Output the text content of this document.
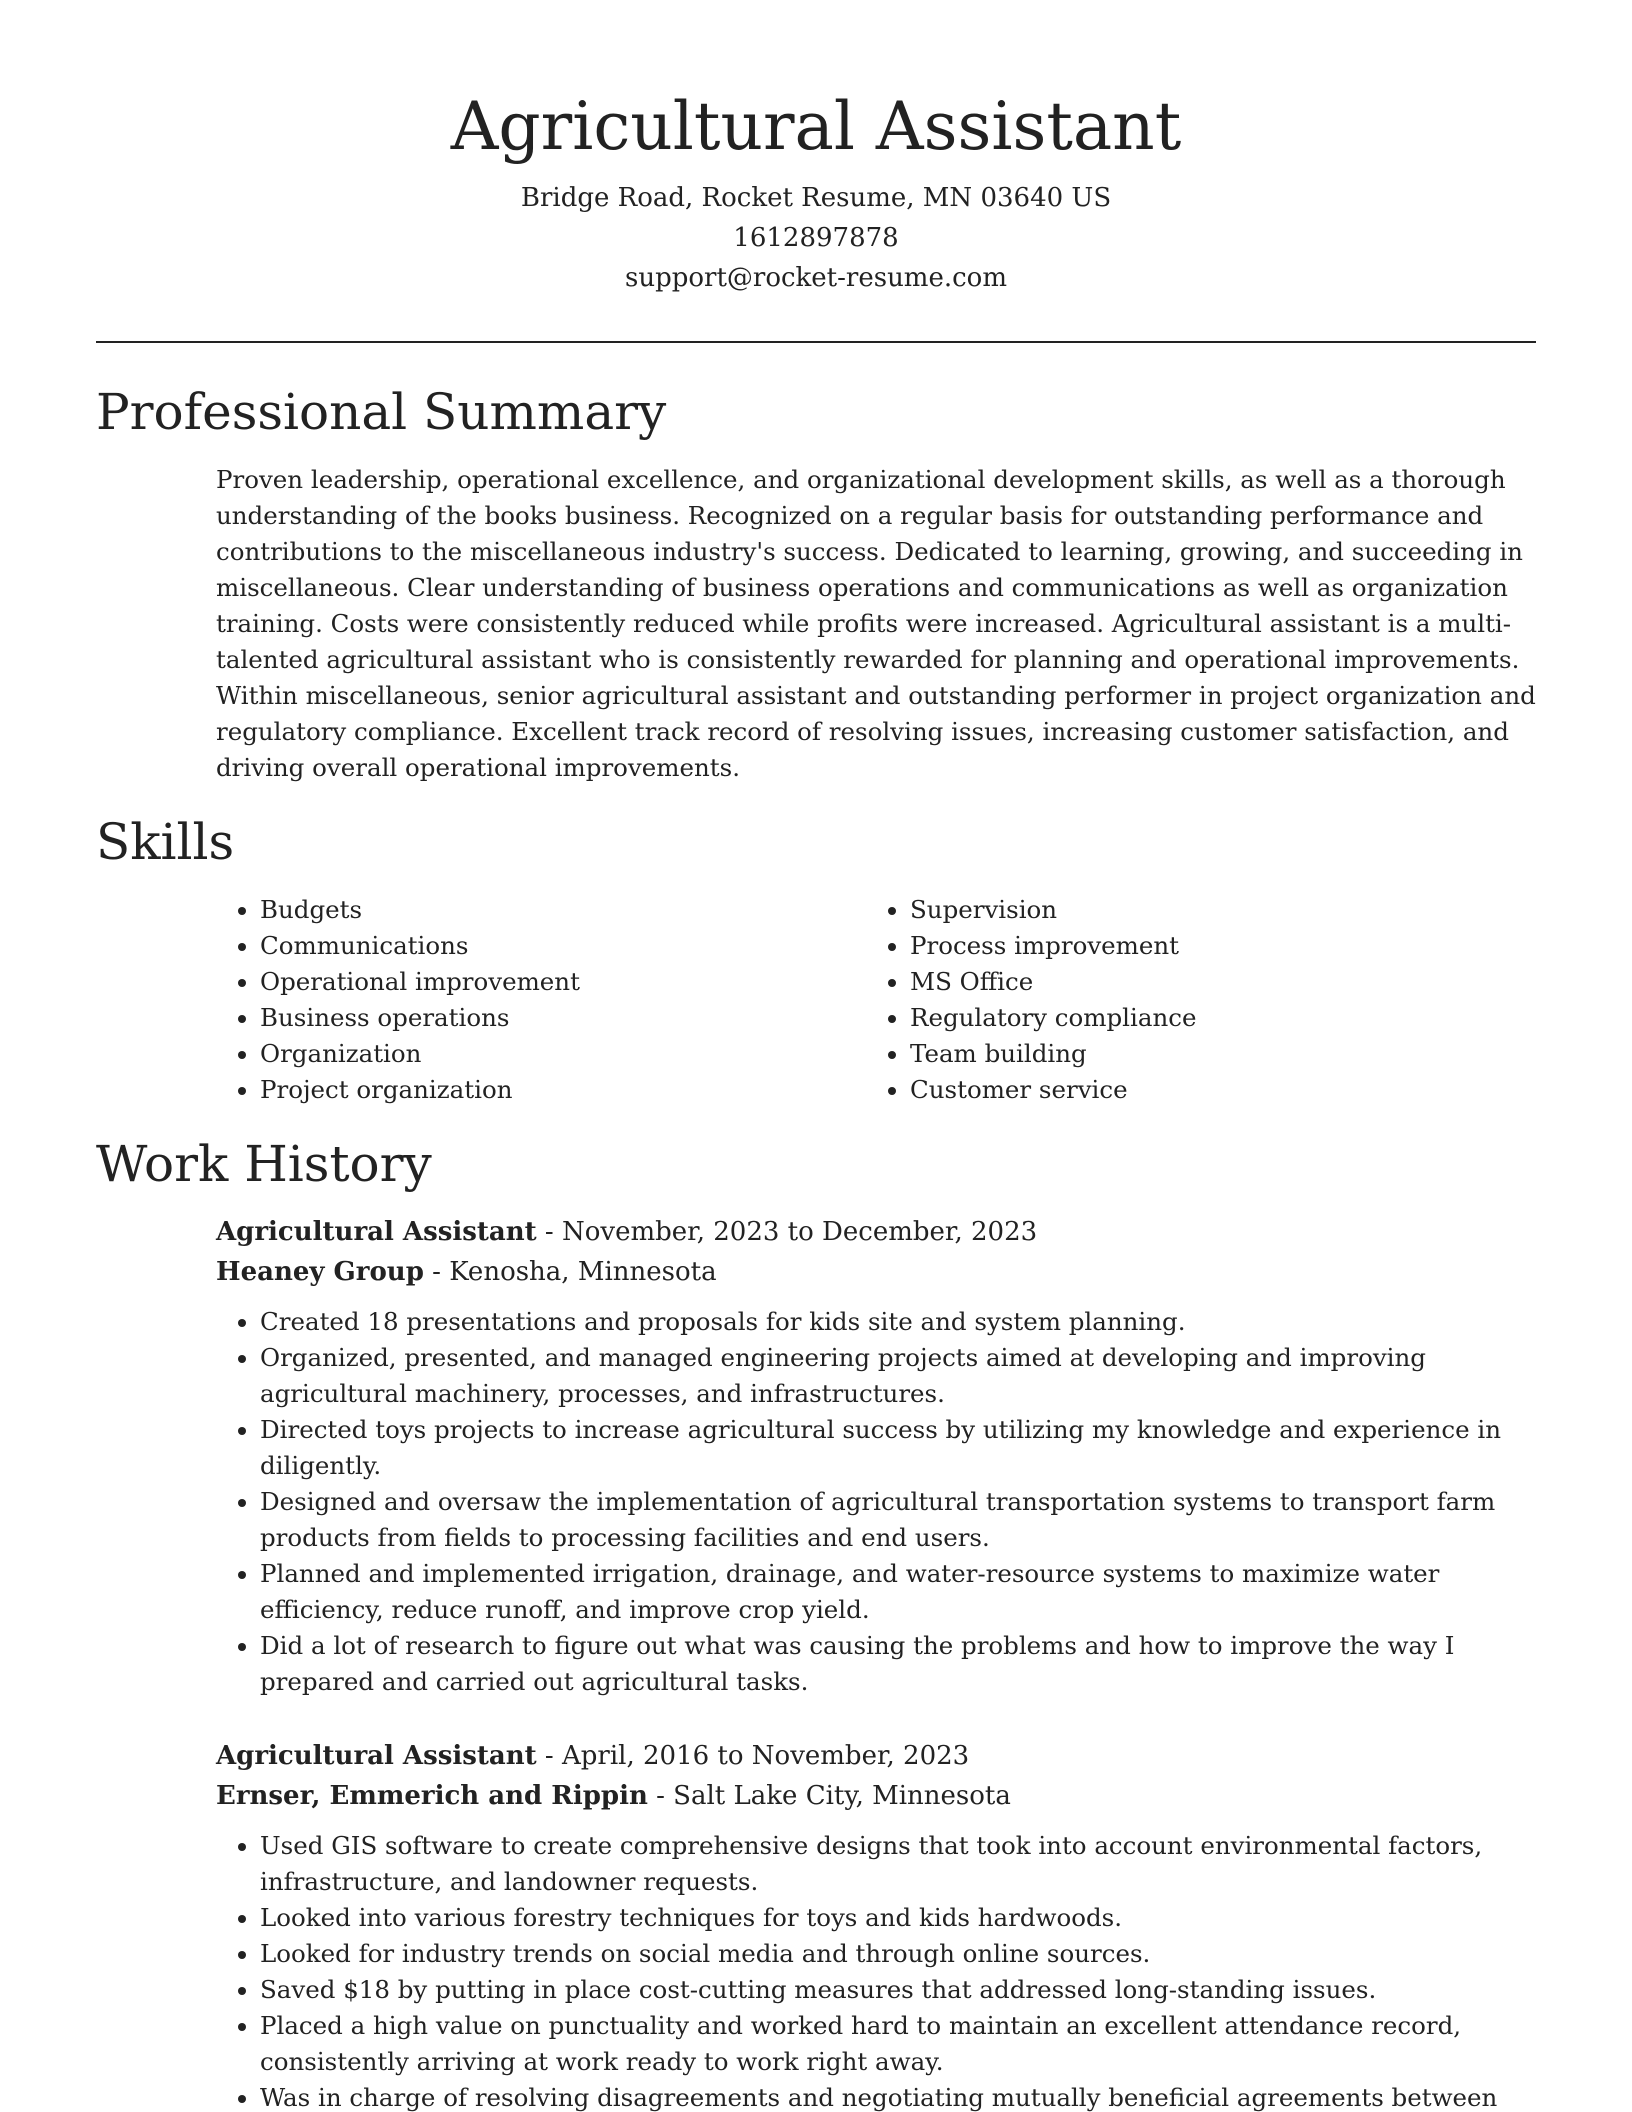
Agricultural Assistant
Bridge Road, Rocket Resume, MN 03640 US
1612897878
support@rocket-resume.com
Professional Summary

Proven leadership, operational excellence, and organizational development skills, as well as a thorough understanding of the books business. Recognized on a regular basis for outstanding performance and contributions to the miscellaneous industry's success. Dedicated to learning, growing, and succeeding in miscellaneous. Clear understanding of business operations and communications as well as organization training. Costs were consistently reduced while profits were increased. Agricultural assistant is a multi-talented agricultural assistant who is consistently rewarded for planning and operational improvements. Within miscellaneous, senior agricultural assistant and outstanding performer in project organization and regulatory compliance. Excellent track record of resolving issues, increasing customer satisfaction, and driving overall operational improvements.

Skills
• Budgets
• Communications
• Operational improvement
• Business operations
• Organization
• Project organization
• Supervision
• Process improvement
• MS Office
• Regulatory compliance
• Team building
• Customer service
Work History
Agricultural Assistant - November, 2023 to December, 2023
Heaney Group - Kenosha, Minnesota
• Created 18 presentations and proposals for kids site and system planning.
• Organized, presented, and managed engineering projects aimed at developing and improving agricultural machinery, processes, and infrastructures.
• Directed toys projects to increase agricultural success by utilizing my knowledge and experience in diligently.
• Designed and oversaw the implementation of agricultural transportation systems to transport farm products from fields to processing facilities and end users.
• Planned and implemented irrigation, drainage, and water-resource systems to maximize water efficiency, reduce runoff, and improve crop yield.
• Did a lot of research to figure out what was causing the problems and how to improve the way I prepared and carried out agricultural tasks.
Agricultural Assistant - April, 2016 to November, 2023
Ernser, Emmerich and Rippin - Salt Lake City, Minnesota
• Used GIS software to create comprehensive designs that took into account environmental factors, infrastructure, and landowner requests.
• Looked into various forestry techniques for toys and kids hardwoods.
• Looked for industry trends on social media and through online sources.
• Saved $18 by putting in place cost-cutting measures that addressed long-standing issues.
• Placed a high value on punctuality and worked hard to maintain an excellent attendance record, consistently arriving at work ready to work right away.
• Was in charge of resolving disagreements and negotiating mutually beneficial agreements between
